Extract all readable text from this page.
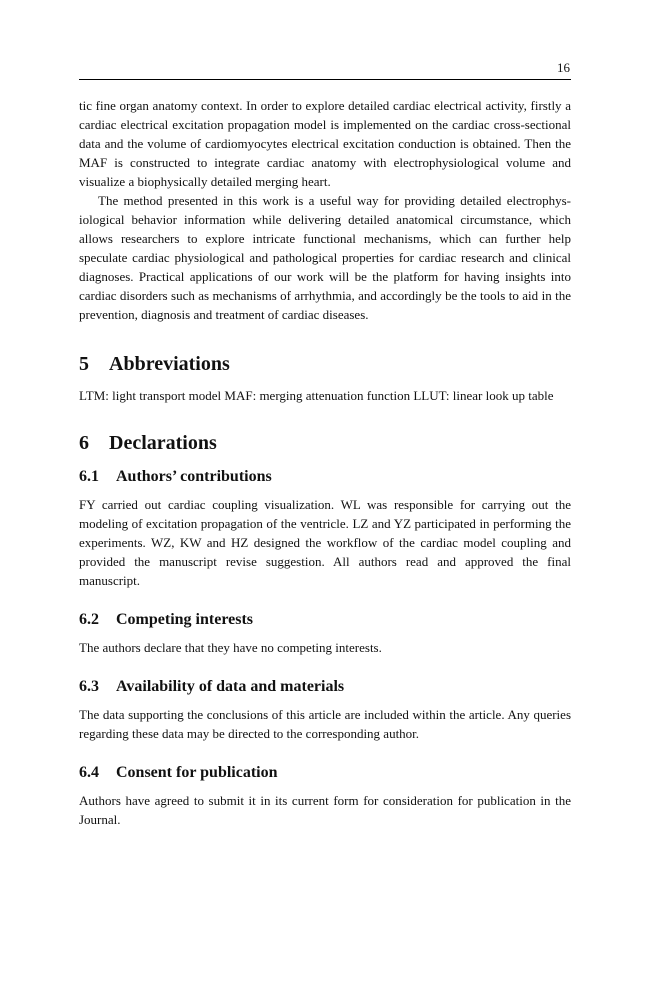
16

tic fine organ anatomy context. In order to explore detailed cardiac electrical activity, firstly a cardiac electrical excitation propagation model is implemented on the cardiac cross-sectional data and the volume of cardiomyocytes electrical excitation conduction is obtained. Then the MAF is constructed to integrate cardiac anatomy with electrophysiological volume and visualize a biophysically detailed merging heart.

The method presented in this work is a useful way for providing detailed electrophysiological behavior information while delivering detailed anatomical circumstance, which allows researchers to explore intricate functional mechanisms, which can further help speculate cardiac physiological and pathological properties for cardiac research and clinical diagnoses. Practical applications of our work will be the platform for having insights into cardiac disorders such as mechanisms of arrhythmia, and accordingly be the tools to aid in the prevention, diagnosis and treatment of cardiac diseases.

5 Abbreviations

LTM: light transport model MAF: merging attenuation function LLUT: linear look up table

6 Declarations
6.1 Authors’ contributions

FY carried out cardiac coupling visualization. WL was responsible for carrying out the modeling of excitation propagation of the ventricle. LZ and YZ participated in performing the experiments. WZ, KW and HZ designed the workflow of the cardiac model coupling and provided the manuscript revise suggestion. All authors read and approved the final manuscript.

6.2 Competing interests

The authors declare that they have no competing interests.

6.3 Availability of data and materials

The data supporting the conclusions of this article are included within the article. Any queries regarding these data may be directed to the corresponding author.

6.4 Consent for publication

Authors have agreed to submit it in its current form for consideration for publication in the Journal.
